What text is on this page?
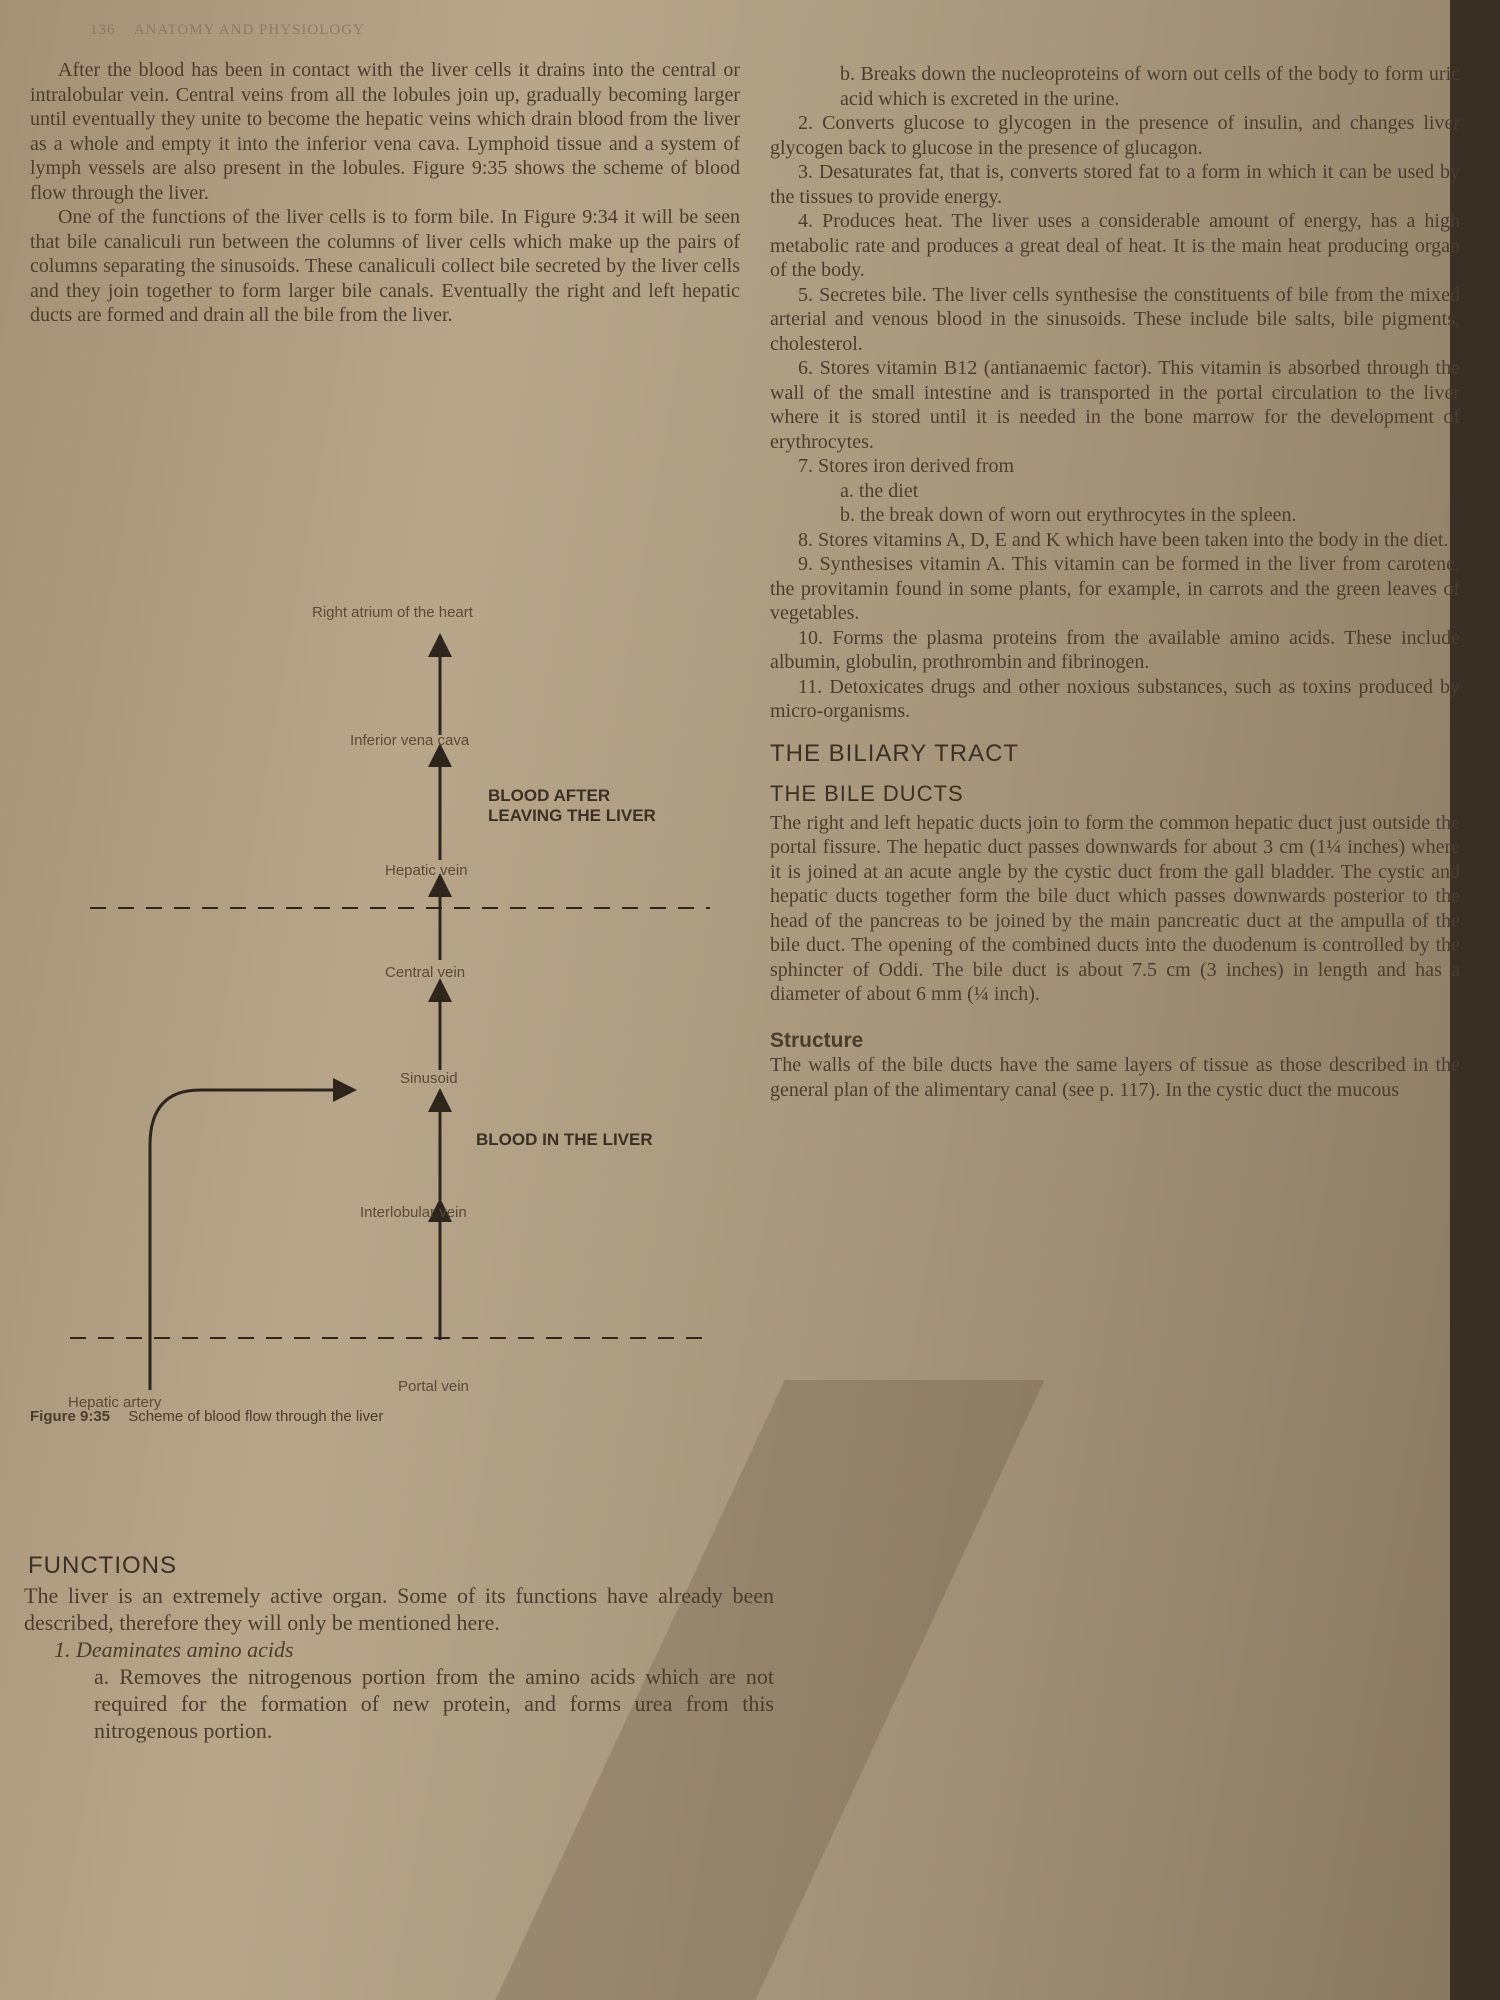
136 ANATOMY AND PHYSIOLOGY

After the blood has been in contact with the liver cells it drains into the central or intralobular vein. Central veins from all the lobules join up, gradually becoming larger until eventually they unite to become the hepatic veins which drain blood from the liver as a whole and empty it into the inferior vena cava. Lymphoid tissue and a system of lymph vessels are also present in the lobules. Figure 9:35 shows the scheme of blood flow through the liver.

One of the functions of the liver cells is to form bile. In Figure 9:34 it will be seen that bile canaliculi run between the columns of liver cells which make up the pairs of columns separating the sinusoids. These canaliculi collect bile secreted by the liver cells and they join together to form larger bile canals. Eventually the right and left hepatic ducts are formed and drain all the bile from the liver.

Right atrium of the heart
Inferior vena cava
BLOOD AFTER
LEAVING THE LIVER
Hepatic vein
Central vein
Sinusoid
BLOOD IN THE LIVER
Interlobular vein
Portal vein
Hepatic artery
Figure 9:35 Scheme of blood flow through the liver
FUNCTIONS

The liver is an extremely active organ. Some of its functions have already been described, therefore they will only be mentioned here.

1. Deaminates amino acids

a. Removes the nitrogenous portion from the amino acids which are not required for the formation of new protein, and forms urea from this nitrogenous portion.

b. Breaks down the nucleoproteins of worn out cells of the body to form uric acid which is excreted in the urine.

2. Converts glucose to glycogen in the presence of insulin, and changes liver glycogen back to glucose in the presence of glucagon.

3. Desaturates fat, that is, converts stored fat to a form in which it can be used by the tissues to provide energy.

4. Produces heat. The liver uses a considerable amount of energy, has a high metabolic rate and produces a great deal of heat. It is the main heat producing organ of the body.

5. Secretes bile. The liver cells synthesise the constituents of bile from the mixed arterial and venous blood in the sinusoids. These include bile salts, bile pigments, cholesterol.

6. Stores vitamin B12 (antianaemic factor). This vitamin is absorbed through the wall of the small intestine and is transported in the portal circulation to the liver where it is stored until it is needed in the bone marrow for the development of erythrocytes.

7. Stores iron derived from

a. the diet

b. the break down of worn out erythrocytes in the spleen.

8. Stores vitamins A, D, E and K which have been taken into the body in the diet.

9. Synthesises vitamin A. This vitamin can be formed in the liver from carotene, the provitamin found in some plants, for example, in carrots and the green leaves of vegetables.

10. Forms the plasma proteins from the available amino acids. These include albumin, globulin, prothrombin and fibrinogen.

11. Detoxicates drugs and other noxious substances, such as toxins produced by micro-organisms.

THE BILIARY TRACT
THE BILE DUCTS

The right and left hepatic ducts join to form the common hepatic duct just outside the portal fissure. The hepatic duct passes downwards for about 3 cm (1¼ inches) where it is joined at an acute angle by the cystic duct from the gall bladder. The cystic and hepatic ducts together form the bile duct which passes downwards posterior to the head of the pancreas to be joined by the main pancreatic duct at the ampulla of the bile duct. The opening of the combined ducts into the duodenum is controlled by the sphincter of Oddi. The bile duct is about 7.5 cm (3 inches) in length and has a diameter of about 6 mm (¼ inch).

Structure

The walls of the bile ducts have the same layers of tissue as those described in the general plan of the alimentary canal (see p. 117). In the cystic duct the mucous
